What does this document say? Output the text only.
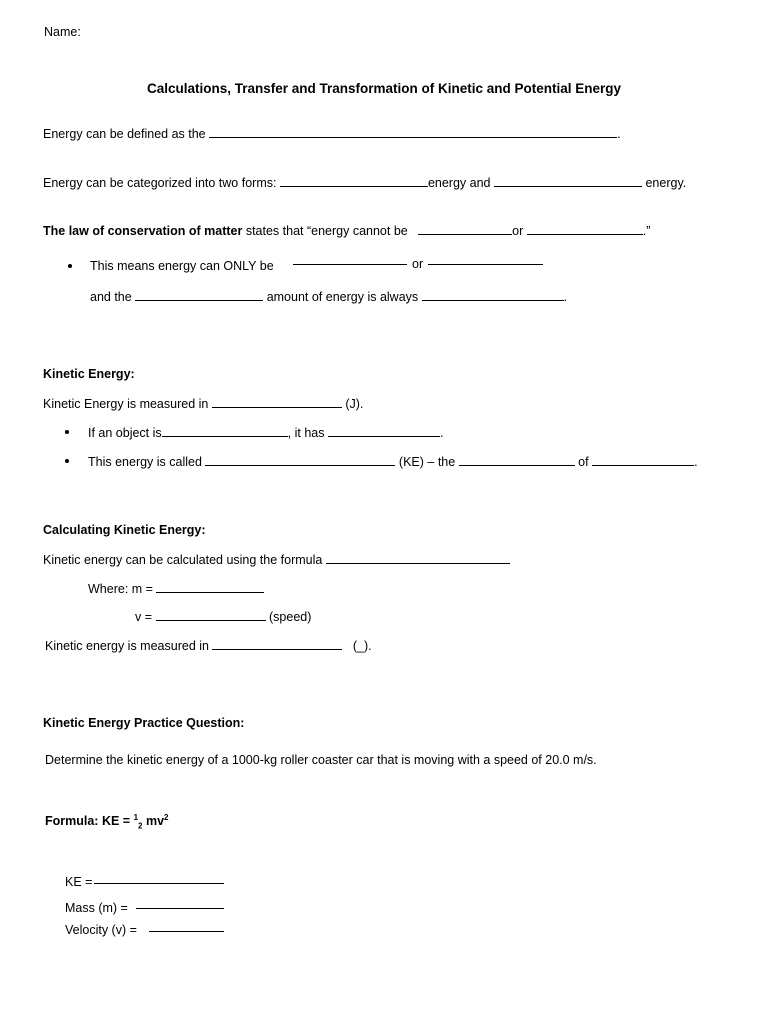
Name:
Calculations, Transfer and Transformation of Kinetic and Potential Energy
Energy can be defined as the	.
Energy can be categorized into two forms:	energy and	energy.
The law of conservation of matter states that “energy cannot be	or	.”
This means energy can ONLY be	or
and the	amount of energy is always	.
Kinetic Energy:
Kinetic Energy is measured in	(J).
If an object is	, it has	.
This energy is called	(KE) – the	of	.
Calculating Kinetic Energy:
Kinetic energy can be calculated using the formula
Where: m =
v =	(speed)
Kinetic energy is measured in	(_).
Kinetic Energy Practice Question:
Determine the kinetic energy of a 1000-kg roller coaster car that is moving with a speed of 20.0 m/s.
Formula: KE = $^1_2$ $mv^2$
KE =
Mass (m) =
Velocity (v) =
